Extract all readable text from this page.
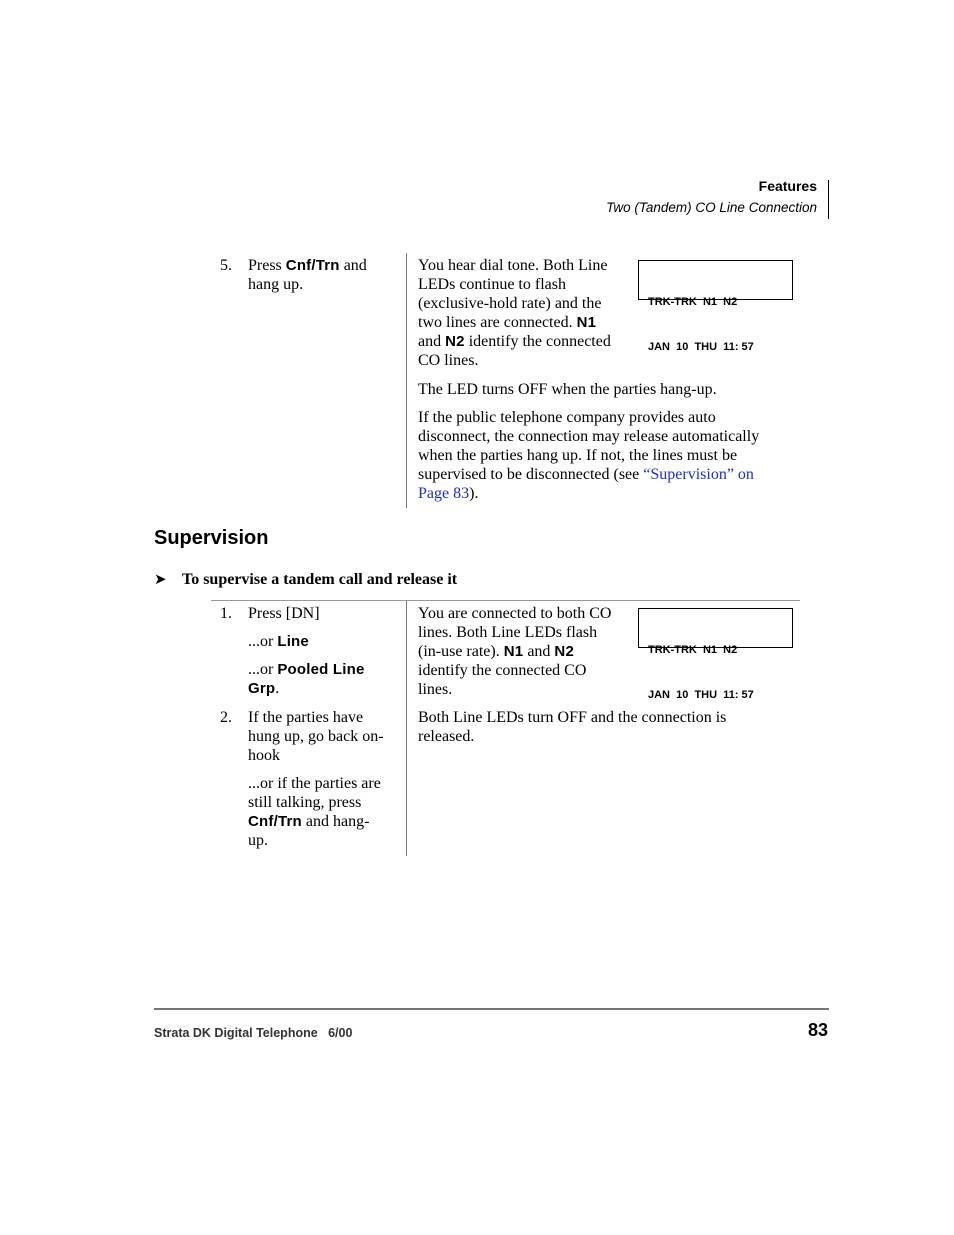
Features
Two (Tandem) CO Line Connection
5. Press Cnf/Trn and
hang up.
You hear dial tone. Both Line
LEDs continue to flash
(exclusive-hold rate) and the
two lines are connected. N1
and N2 identify the connected
CO lines.

TRK-TRK  N1  N2

JAN  10  THU  11: 57

The LED turns OFF when the parties hang-up.
If the public telephone company provides auto
disconnect, the connection may release automatically
when the parties hang up. If not, the lines must be
supervised to be disconnected (see “Supervision” on
Page 83).
Supervision
➤ To supervise a tandem call and release it
1. Press [DN]
...or Line
...or Pooled Line
Grp.
You are connected to both CO
lines. Both Line LEDs flash
(in-use rate). N1 and N2
identify the connected CO
lines.

TRK-TRK  N1  N2

JAN  10  THU  11: 57

2. If the parties have
hung up, go back on-
hook
...or if the parties are
still talking, press
Cnf/Trn and hang-
up.
Both Line LEDs turn OFF and the connection is
released.
Strata DK Digital Telephone   6/00	83
